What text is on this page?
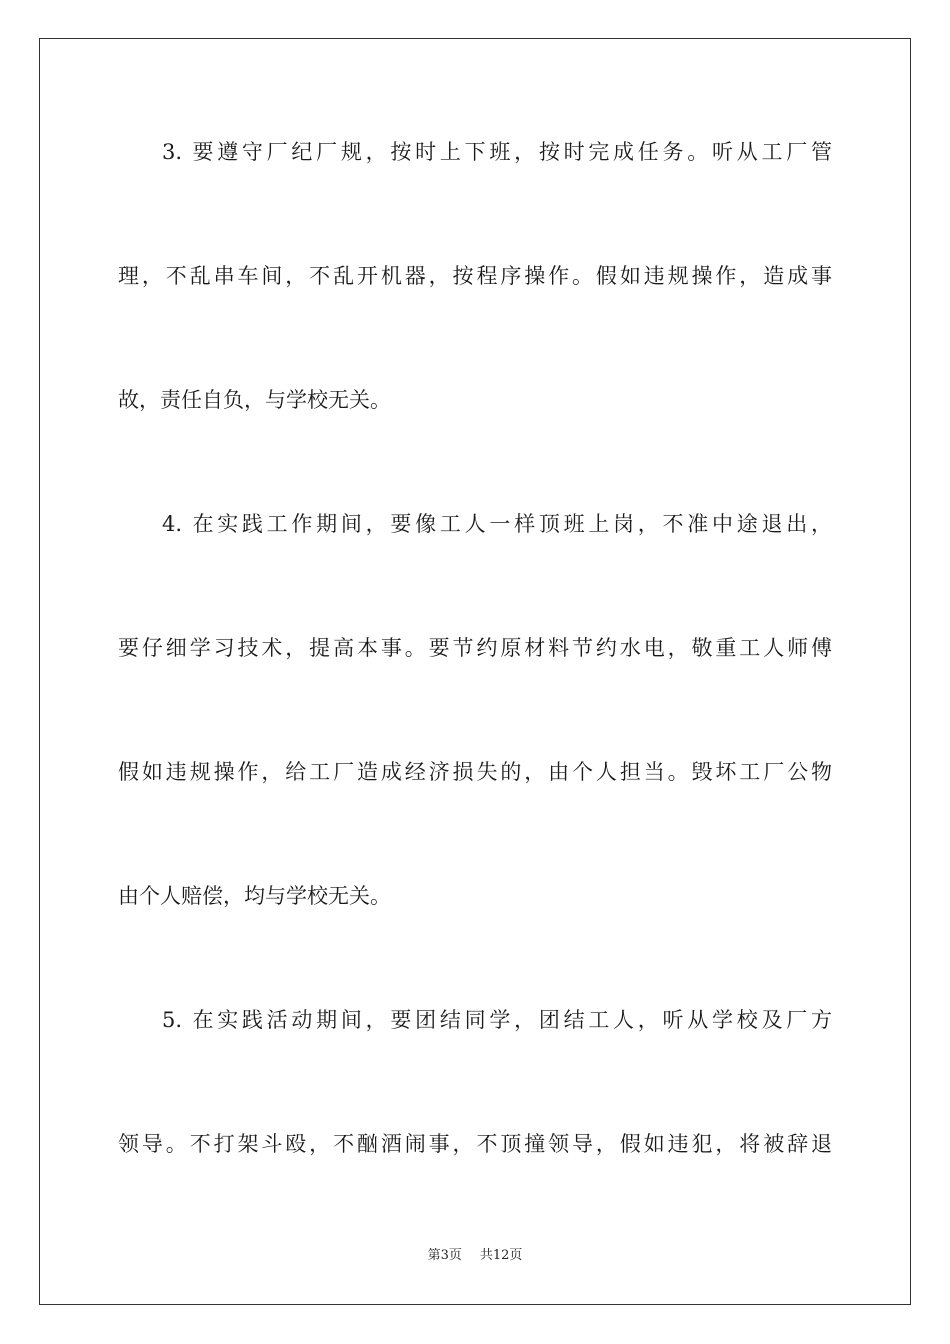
3. 要遵守厂纪厂规，按时上下班，按时完成任务。听从工厂管
理，不乱串车间，不乱开机器，按程序操作。假如违规操作，造成事
故，责任自负，与学校无关。
4. 在实践工作期间，要像工人一样顶班上岗，不准中途退出，
要仔细学习技术，提高本事。要节约原材料节约水电，敬重工人师傅
假如违规操作，给工厂造成经济损失的，由个人担当。毁坏工厂公物
由个人赔偿，均与学校无关。
5. 在实践活动期间，要团结同学，团结工人，听从学校及厂方
领导。不打架斗殴，不酗酒闹事，不顶撞领导，假如违犯，将被辞退
第3页 共12页
